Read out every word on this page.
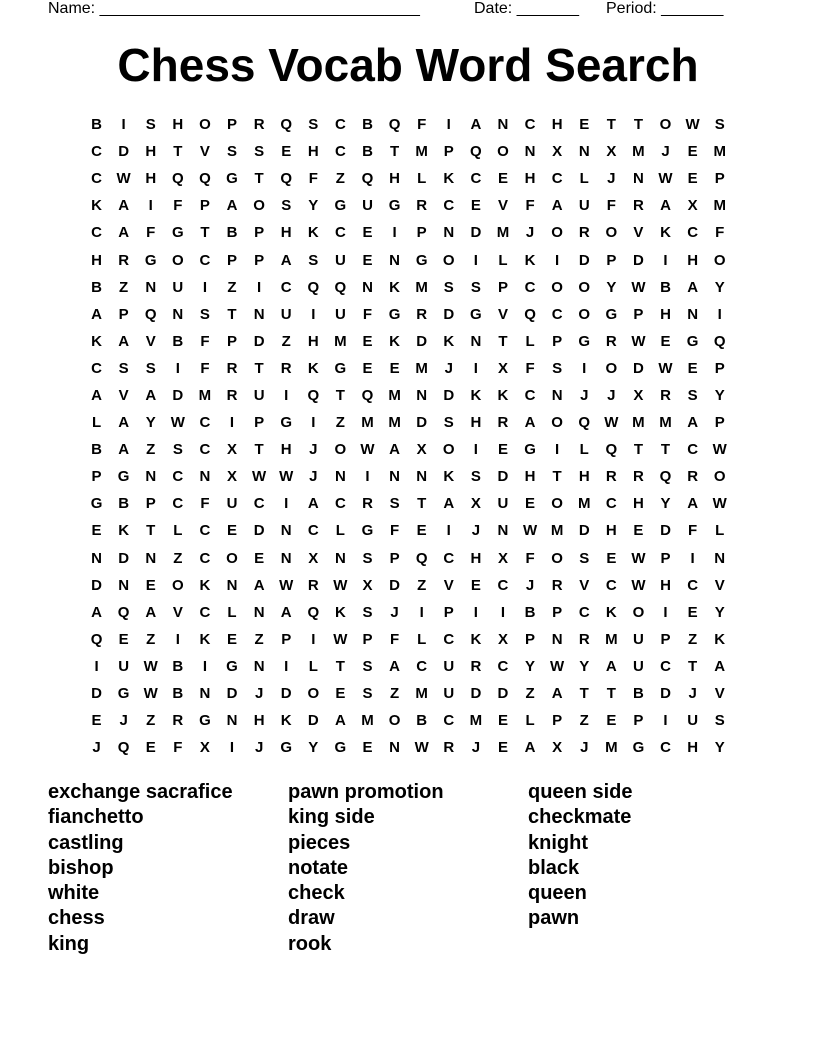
Name: ____________________________________	Date: _______ Period: _______
Chess Vocab Word Search
B	I	S	H	O	P	R	Q	S	C	B	Q	F	I	A	N	C	H	E	T	T	O W	S
C	D	H	T	V	S	S	E	H	C	B	T	M	P	Q	O	N	X	N	X	M	J	E	M
C W H	Q	Q	G	T	Q	F	Z	Q	H	L	K	C	E	H	C	L	J	N W	E	P
K	A	I	F	P	A	O	S	Y	G	U	G	R	C	E	V	F	A	U	F	R	A	X	M
C	A	F	G	T	B	P	H	K	C	E	I	P	N	D	M	J	O	R	O	V	K	C	F
H	R	G	O	C	P	P	A	S	U	E	N	G	O	I	L	K	I	D	P	D	I	H	O
B	Z	N	U	I	Z	I	C	Q	Q	N	K	M	S	S	P	C	O	O	Y	W B	A	Y
A	P	Q	N	S	T	N	U	I	U	F	G	R	D	G	V	Q	C	O	G	P	H	N	I
K	A	V	B	F	P	D	Z	H	M	E	K	D	K	N	T	L	P	G	R W	E	G	Q
C	S	S	I	F	R	T	R	K	G	E	E	M	J	I	X	F	S	I	O	D W	E	P
A	V	A	D	M	R	U	I	Q	T	Q	M	N	D	K	K	C	N	J	J	X	R	S	Y
L	A	Y	W C	I	P	G	I	Z	M M	D	S	H	R	A	O	Q W M M	A	P
B	A	Z	S	C	X	T	H	J	O W A	X	O	I	E	G	I	L	Q	T	T	C W
P	G	N	C	N	X	W W	J	N	I	N	N	K	S	D	H	T	H	R	R	Q	R	O
G	B	P	C	F	U	C	I	A	C	R	S	T	A	X	U	E	O	M	C	H	Y	A W
E	K	T	L	C	E	D	N	C	L	G	F	E	I	J	N W M	D	H	E	D	F	L
N	D	N	Z	C	O	E	N	X	N	S	P	Q	C	H	X	F	O	S	E	W	P	I	N
D	N	E	O	K	N	A W R W	X	D	Z	V	E	C	J	R	V	C W H	C	V
A	Q	A	V	C	L	N	A	Q	K	S	J	I	P	I	I	B	P	C	K	O	I	E	Y
Q	E	Z	I	K	E	Z	P	I	W	P	F	L	C	K	X	P	N	R	M	U	P	Z	K
I	U W B	I	G	N	I	L	T	S	A	C	U	R	C	Y	W	Y	A	U	C	T	A
D	G W B	N	D	J	D	O	E	S	Z	M	U	D	D	Z	A	T	T	B	D	J	V
E	J	Z	R	G	N	H	K	D	A	M	O	B	C	M	E	L	P	Z	E	P	I	U	S
J	Q	E	F	X	I	J	G	Y	G	E	N W R	J	E	A	X	J	M	G	C	H	Y
exchange sacrafice
fianchetto
castling
bishop
white
chess
king
pawn promotion
king side
pieces
notate
check
draw
rook
queen side
checkmate
knight
black
queen
pawn
